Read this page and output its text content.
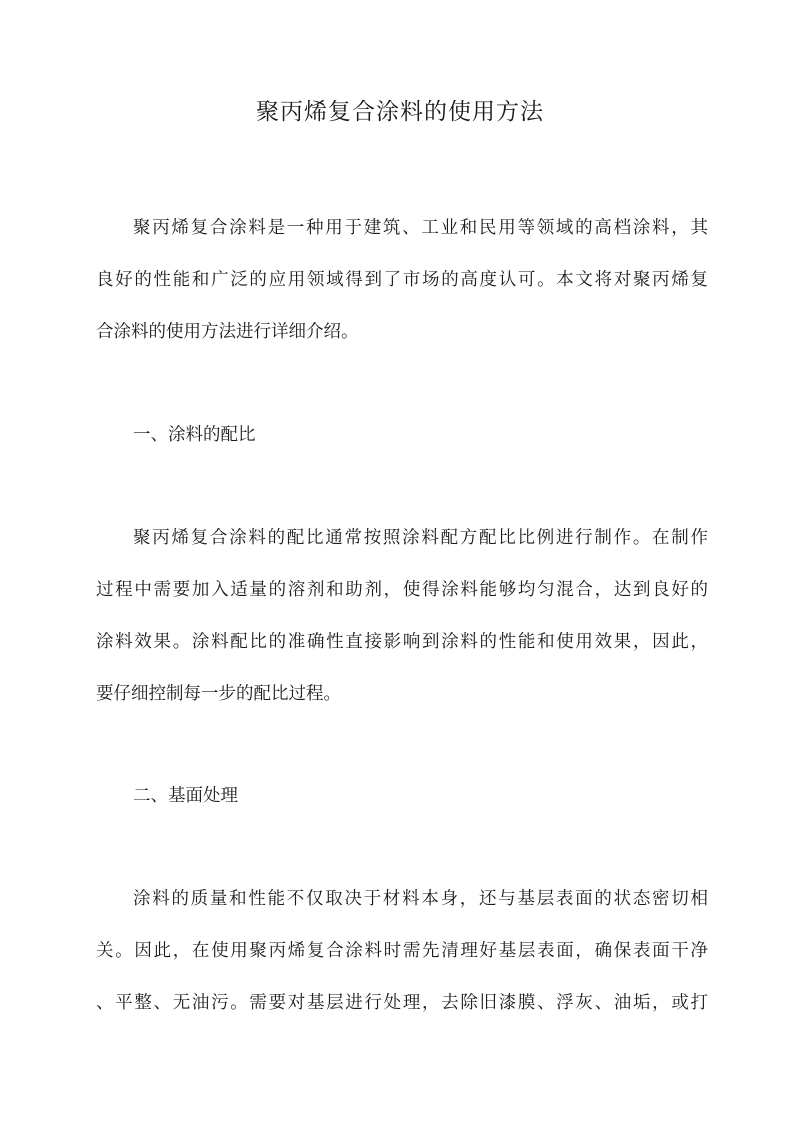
聚丙烯复合涂料的使用方法
聚丙烯复合涂料是一种用于建筑、工业和民用等领域的高档涂料，其
良好的性能和广泛的应用领域得到了市场的高度认可。本文将对聚丙烯复
合涂料的使用方法进行详细介绍。
一、涂料的配比
聚丙烯复合涂料的配比通常按照涂料配方配比比例进行制作。在制作
过程中需要加入适量的溶剂和助剂，使得涂料能够均匀混合，达到良好的
涂料效果。涂料配比的准确性直接影响到涂料的性能和使用效果，因此，
要仔细控制每一步的配比过程。
二、基面处理
涂料的质量和性能不仅取决于材料本身，还与基层表面的状态密切相
关。因此，在使用聚丙烯复合涂料时需先清理好基层表面，确保表面干净
、平整、无油污。需要对基层进行处理，去除旧漆膜、浮灰、油垢，或打
